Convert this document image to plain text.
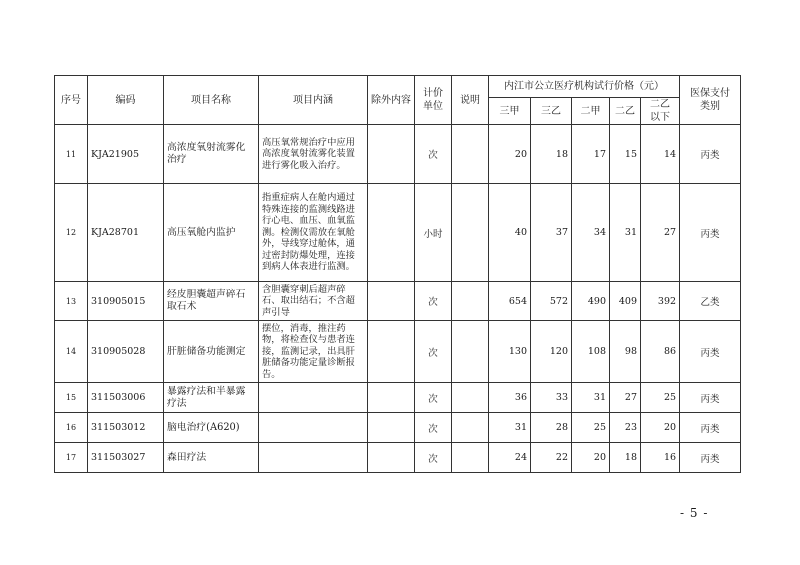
序号	编码	项目名称	项目内涵	除外内容	计价单位	说明	内江市公立医疗机构试行价格（元）					医保支付类别
							三甲	三乙	二甲	二乙	二乙以下	
11	KJA21905	高浓度氧射流雾化治疗	高压氧常规治疗中应用高浓度氧射流雾化装置进行雾化吸入治疗。		次		20	18	17	15	14	丙类
12	KJA28701	高压氧舱内监护	指重症病人在舱内通过特殊连接的监测线路进行心电、血压、血氧监测。检测仪需放在氧舱外，导线穿过舱体，通过密封防爆处理，连接到病人体表进行监测。		小时		40	37	34	31	27	丙类
13	310905015	经皮胆囊超声碎石取石术	含胆囊穿刺后超声碎石、取出结石；不含超声引导		次		654	572	490	409	392	乙类
14	310905028	肝脏储备功能测定	摆位，消毒，推注药物，将检查仪与患者连接，监测记录，出具肝脏储备功能定量诊断报告。		次		130	120	108	98	86	丙类
15	311503006	暴露疗法和半暴露疗法			次		36	33	31	27	25	丙类
16	311503012	脑电治疗(A620)			次		31	28	25	23	20	丙类
17	311503027	森田疗法			次		24	22	20	18	16	丙类
- 5 -
